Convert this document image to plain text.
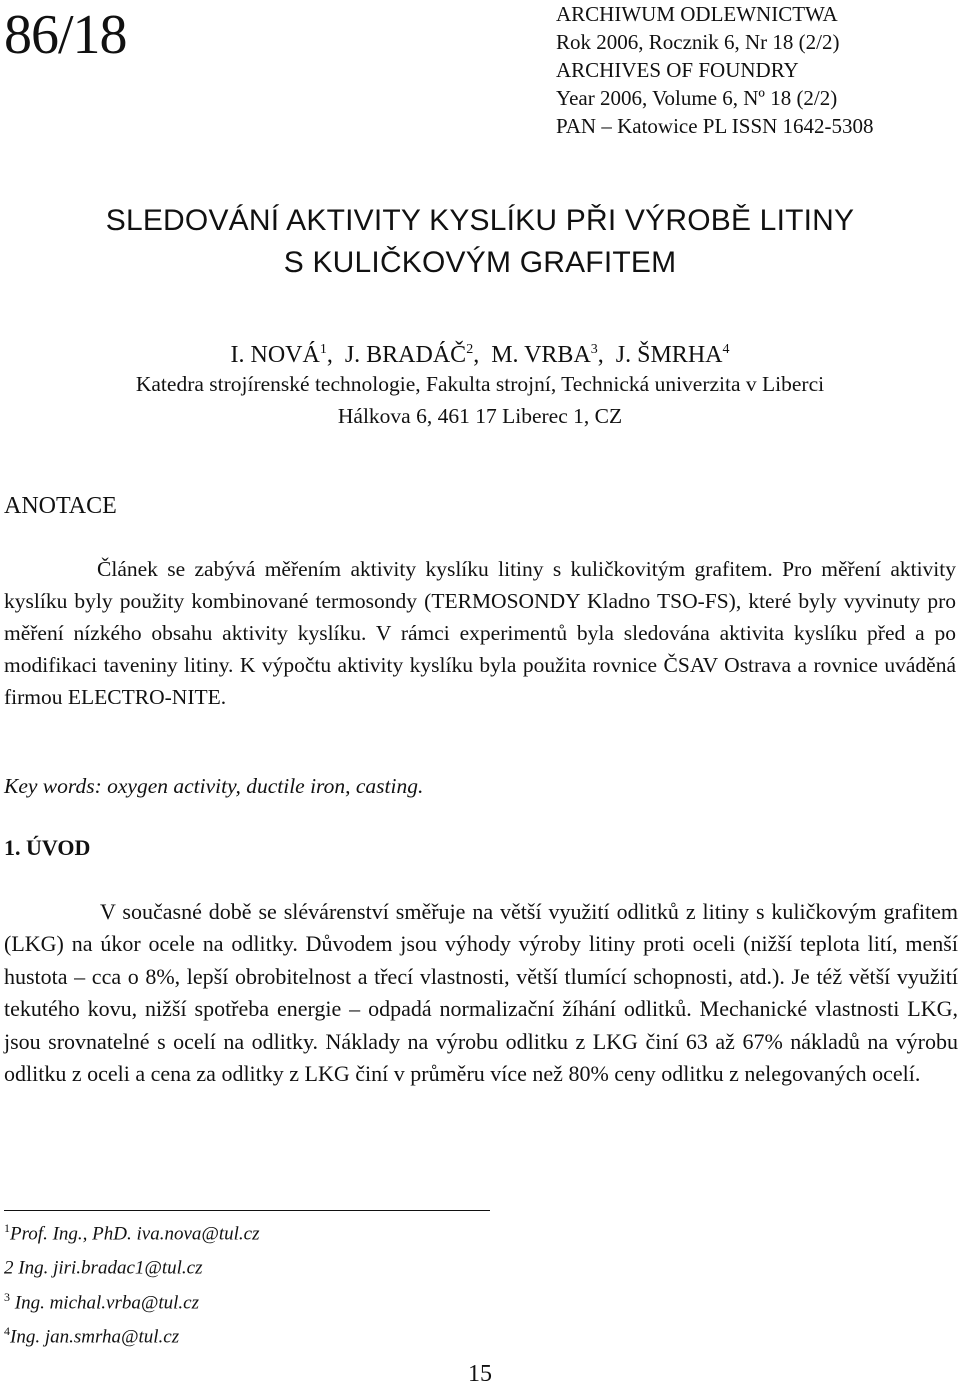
86/18	ARCHIWUM ODLEWNICTWA
Rok 2006, Rocznik 6, Nr 18 (2/2)
ARCHIVES OF FOUNDRY
Year 2006, Volume 6, Nº 18 (2/2)
PAN – Katowice PL ISSN 1642-5308
SLEDOVÁNÍ AKTIVITY KYSLÍKU PŘI VÝROBĚ LITINY
S KULIČKOVÝM GRAFITEM
I. NOVÁ$^1$,  J. BRADÁČ$^2$,  M. VRBA$^3$,  J. ŠMRHA$^4$
Katedra strojírenské technologie, Fakulta strojní, Technická univerzita v Liberci
Hálkova 6, 461 17 Liberec 1, CZ
ANOTACE

Článek se zabývá měřením aktivity kyslíku litiny s kuličkovitým grafitem. Pro měření aktivity kyslíku byly použity kombinované termosondy (TERMOSONDY Kladno TSO-FS), které byly vyvinuty pro měření nízkého obsahu aktivity kyslíku. V rámci experimentů byla sledována aktivita kyslíku před a po modifikaci taveniny litiny. K výpočtu aktivity kyslíku byla použita rovnice ČSAV Ostrava a rovnice uváděná firmou ELECTRO-NITE.

Key words: oxygen activity, ductile iron, casting.
1. ÚVOD

V současné době se slévárenství směřuje na větší využití odlitků z litiny s kuličkovým grafitem (LKG) na úkor ocele na odlitky. Důvodem jsou výhody výroby litiny proti oceli (nižší teplota lití, menší hustota – cca o 8%, lepší obrobitelnost a třecí vlastnosti, větší tlumící schopnosti, atd.). Je též větší využití tekutého kovu, nižší spotřeba energie – odpadá normalizační žíhání odlitků. Mechanické vlastnosti LKG, jsou srovnatelné s ocelí na odlitky. Náklady na výrobu odlitku z LKG činí 63 až 67% nákladů na výrobu odlitku z oceli a cena za odlitky z LKG činí v průměru více než 80% ceny odlitku z nelegovaných ocelí.

$^1$Prof. Ing., PhD. iva.nova@tul.cz
2 Ing. jiri.bradac1@tul.cz
$^3$ Ing. michal.vrba@tul.cz
$^4$Ing. jan.smrha@tul.cz
15
